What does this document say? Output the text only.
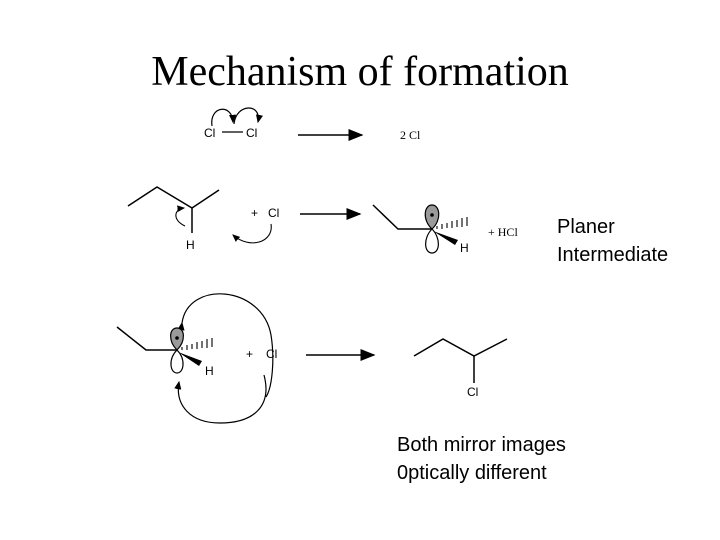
Mechanism of formation
Cl	Cl	2 Cl
H
+ Cl
H
+ HCl
H
+ Cl
Cl
Planer
Intermediate
Both mirror images
0ptically different
